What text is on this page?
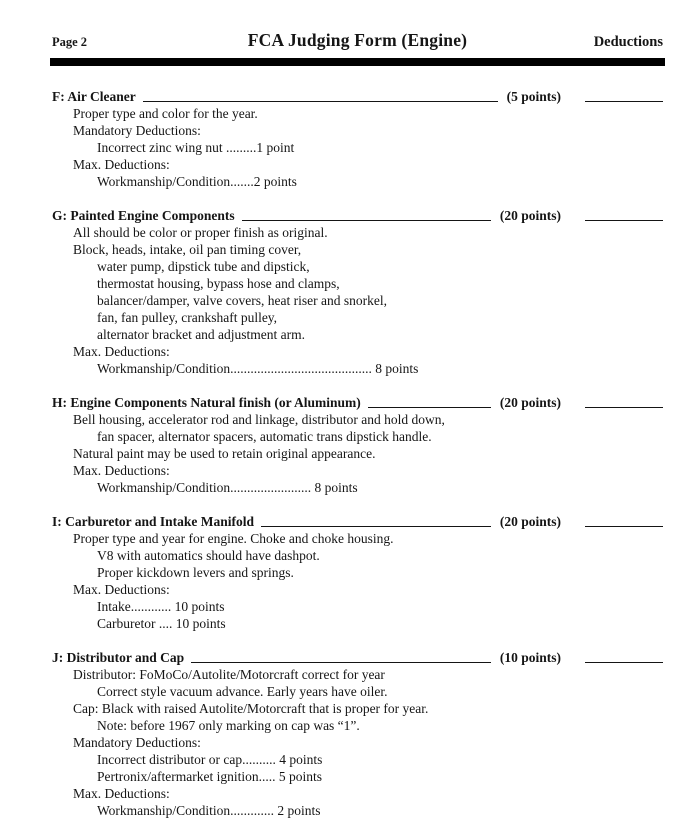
Page 2	FCA Judging Form (Engine)	Deductions
F: Air Cleaner	(5 points)
Proper type and color for the year.
Mandatory Deductions:
Incorrect zinc wing nut .........1 point
Max. Deductions:
Workmanship/Condition.......2 points
G: Painted Engine Components	(20 points)
All should be color or proper finish as original.
Block, heads, intake, oil pan timing cover,
water pump, dipstick tube and dipstick,
thermostat housing, bypass hose and clamps,
balancer/damper, valve covers, heat riser and snorkel,
fan, fan pulley, crankshaft pulley,
alternator bracket and adjustment arm.
Max. Deductions:
Workmanship/Condition.......................................... 8 points
H: Engine Components Natural finish (or Aluminum)	(20 points)
Bell housing, accelerator rod and linkage, distributor and hold down,
fan spacer, alternator spacers, automatic trans dipstick handle.
Natural paint may be used to retain original appearance.
Max. Deductions:
Workmanship/Condition........................ 8 points
I: Carburetor and Intake Manifold	(20 points)
Proper type and year for engine. Choke and choke housing.
V8 with automatics should have dashpot.
Proper kickdown levers and springs.
Max. Deductions:
Intake............ 10 points
Carburetor .... 10 points
J: Distributor and Cap	(10 points)
Distributor: FoMoCo/Autolite/Motorcraft correct for year
Correct style vacuum advance. Early years have oiler.
Cap: Black with raised Autolite/Motorcraft that is proper for year.
Note: before 1967 only marking on cap was “1”.
Mandatory Deductions:
Incorrect distributor or cap.......... 4 points
Pertronix/aftermarket ignition..... 5 points
Max. Deductions:
Workmanship/Condition............. 2 points
